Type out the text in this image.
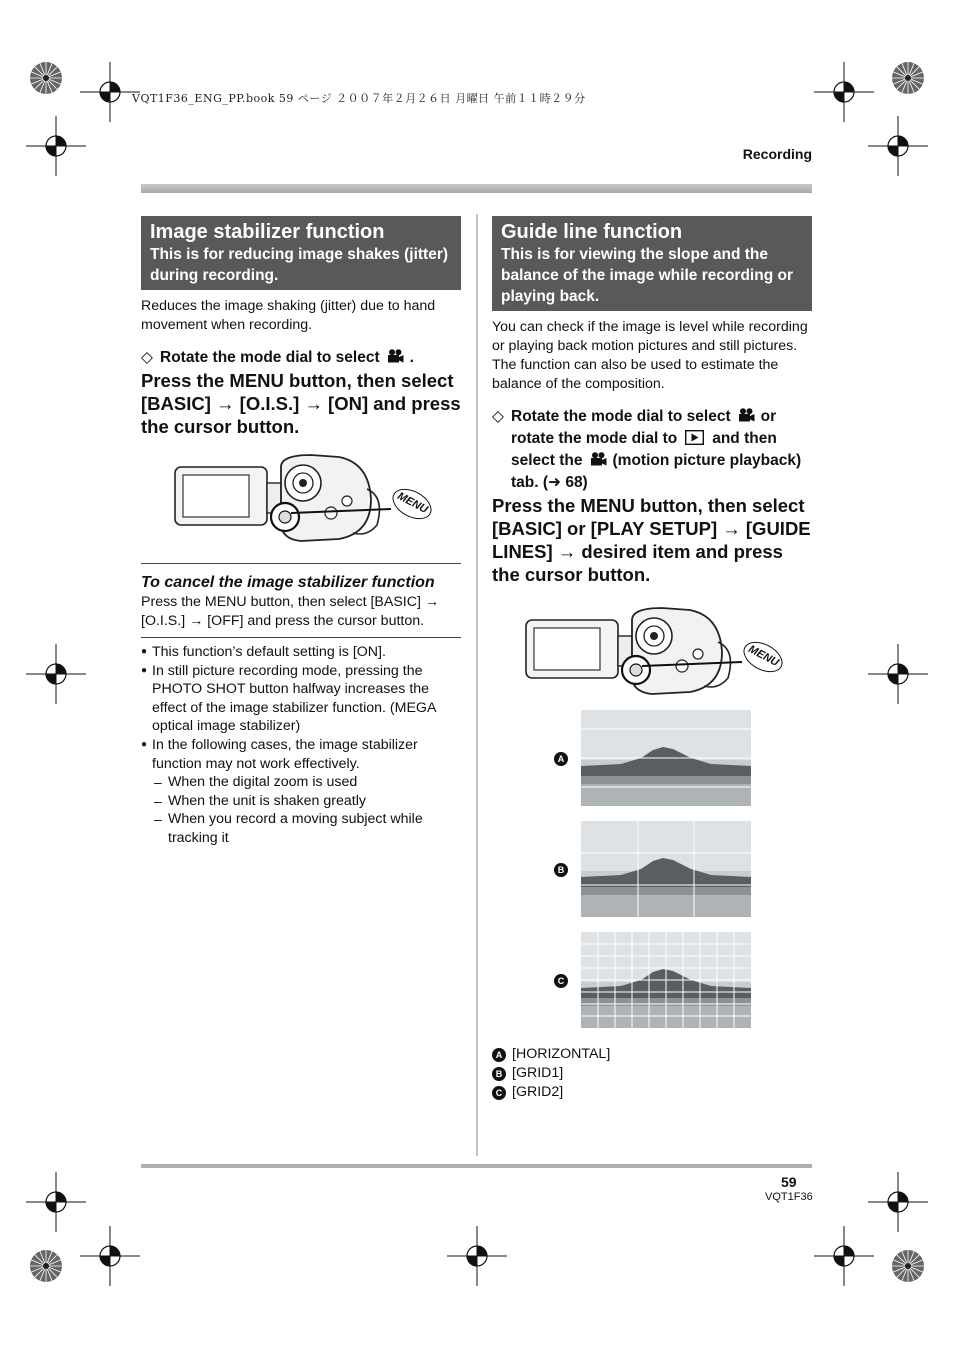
VQT1F36_ENG_PP.book 59 ページ ２００７年２月２６日 月曜日 午前１１時２９分
Recording
59
VQT1F36
Image stabilizer function
This is for reducing image shakes (jitter) during recording.
Reduces the image shaking (jitter) due to hand movement when recording.
◇ Rotate the mode dial to select .
Press the MENU button, then select [BASIC] → [O.I.S.] → [ON] and press the cursor button.
MENU
To cancel the image stabilizer function
Press the MENU button, then select [BASIC] → [O.I.S.] → [OFF] and press the cursor button.
● This function’s default setting is [ON].
● In still picture recording mode, pressing the PHOTO SHOT button halfway increases the effect of the image stabilizer function. (MEGA optical image stabilizer)
● In the following cases, the image stabilizer function may not work effectively.
– When the digital zoom is used
– When the unit is shaken greatly
– When you record a moving subject while tracking it
Guide line function
This is for viewing the slope and the balance of the image while recording or playing back.
You can check if the image is level while recording or playing back motion pictures and still pictures. The function can also be used to estimate the balance of the composition.
◇ Rotate the mode dial to select or rotate the mode dial to and then select the (motion picture playback) tab. (➜ 68)
Press the MENU button, then select [BASIC] or [PLAY SETUP] → [GUIDE LINES] → desired item and press the cursor button.
MENU
A
B
C
A [HORIZONTAL]
B [GRID1]
C [GRID2]
